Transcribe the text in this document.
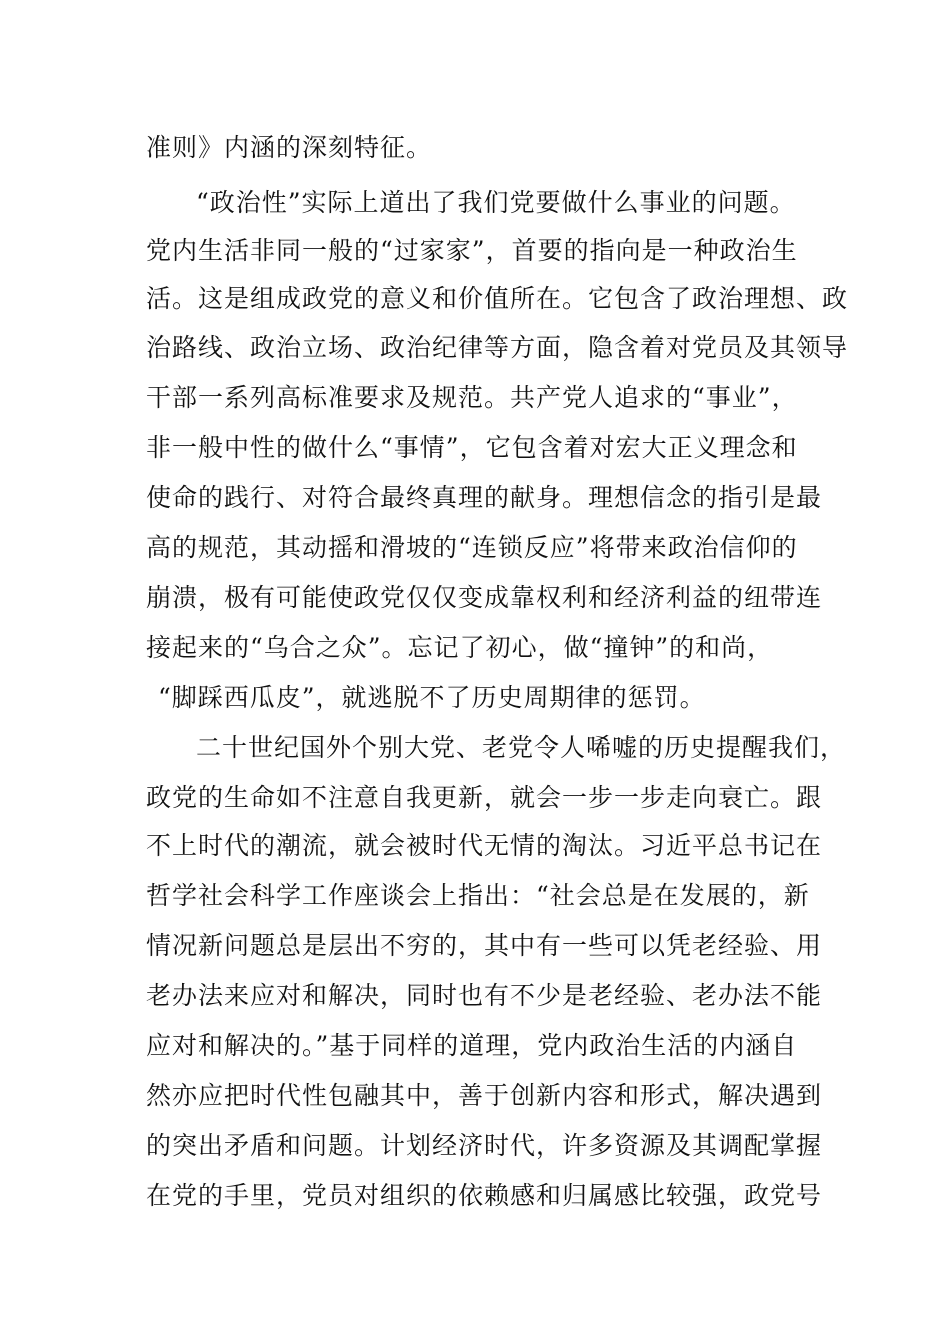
准则》内涵的深刻特征。
“政治性”实际上道出了我们党要做什么事业的问题。
党内生活非同一般的“过家家”，首要的指向是一种政治生
活。这是组成政党的意义和价值所在。它包含了政治理想、政
治路线、政治立场、政治纪律等方面，隐含着对党员及其领导
干部一系列高标准要求及规范。共产党人追求的“事业”，
非一般中性的做什么“事情”，它包含着对宏大正义理念和
使命的践行、对符合最终真理的献身。理想信念的指引是最
高的规范，其动摇和滑坡的“连锁反应”将带来政治信仰的
崩溃，极有可能使政党仅仅变成靠权利和经济利益的纽带连
接起来的“乌合之众”。忘记了初心，做“撞钟”的和尚，
“脚踩西瓜皮”，就逃脱不了历史周期律的惩罚。
二十世纪国外个别大党、老党令人唏嘘的历史提醒我们，
政党的生命如不注意自我更新，就会一步一步走向衰亡。跟
不上时代的潮流，就会被时代无情的淘汰。习近平总书记在
哲学社会科学工作座谈会上指出：“社会总是在发展的，新
情况新问题总是层出不穷的，其中有一些可以凭老经验、用
老办法来应对和解决，同时也有不少是老经验、老办法不能
应对和解决的。”基于同样的道理，党内政治生活的内涵自
然亦应把时代性包融其中，善于创新内容和形式，解决遇到
的突出矛盾和问题。计划经济时代，许多资源及其调配掌握
在党的手里，党员对组织的依赖感和归属感比较强，政党号
